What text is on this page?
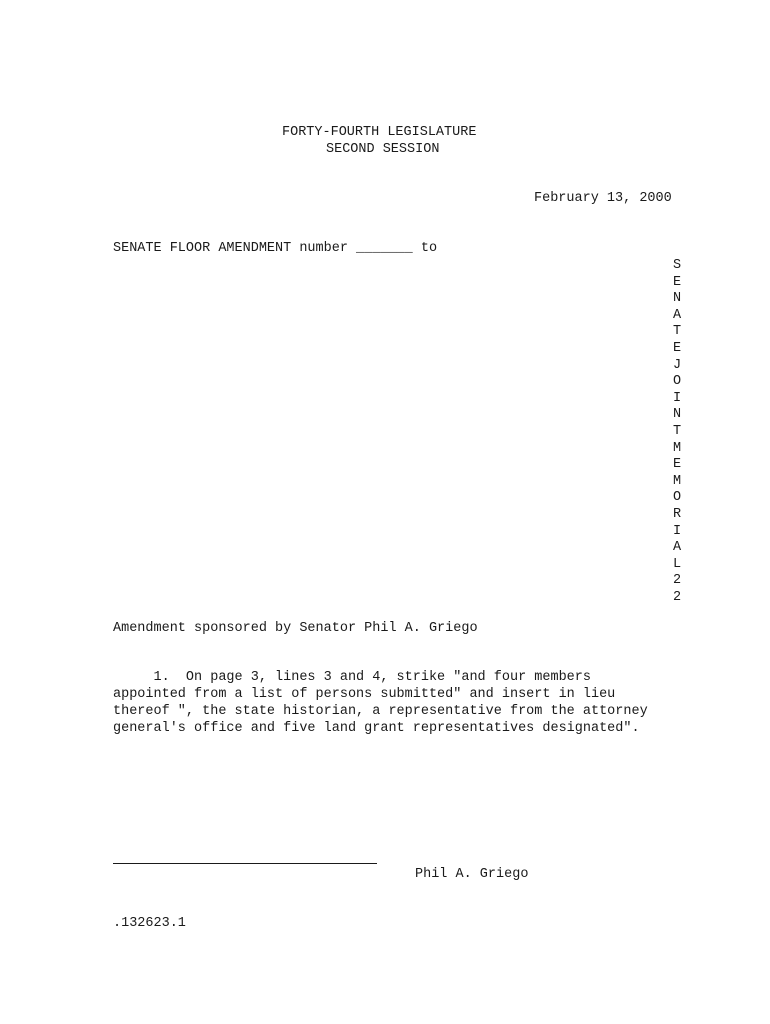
FORTY-FOURTH LEGISLATURE
SECOND SESSION
February 13, 2000
SENATE FLOOR AMENDMENT number _______ to
S
E
N
A
T
E
J
O
I
N
T
M
E
M
O
R
I
A
L
2
2
Amendment sponsored by Senator Phil A. Griego
1.  On page 3, lines 3 and 4, strike "and four members
appointed from a list of persons submitted" and insert in lieu
thereof ", the state historian, a representative from the attorney
general's office and five land grant representatives designated".
Phil A. Griego
.132623.1
